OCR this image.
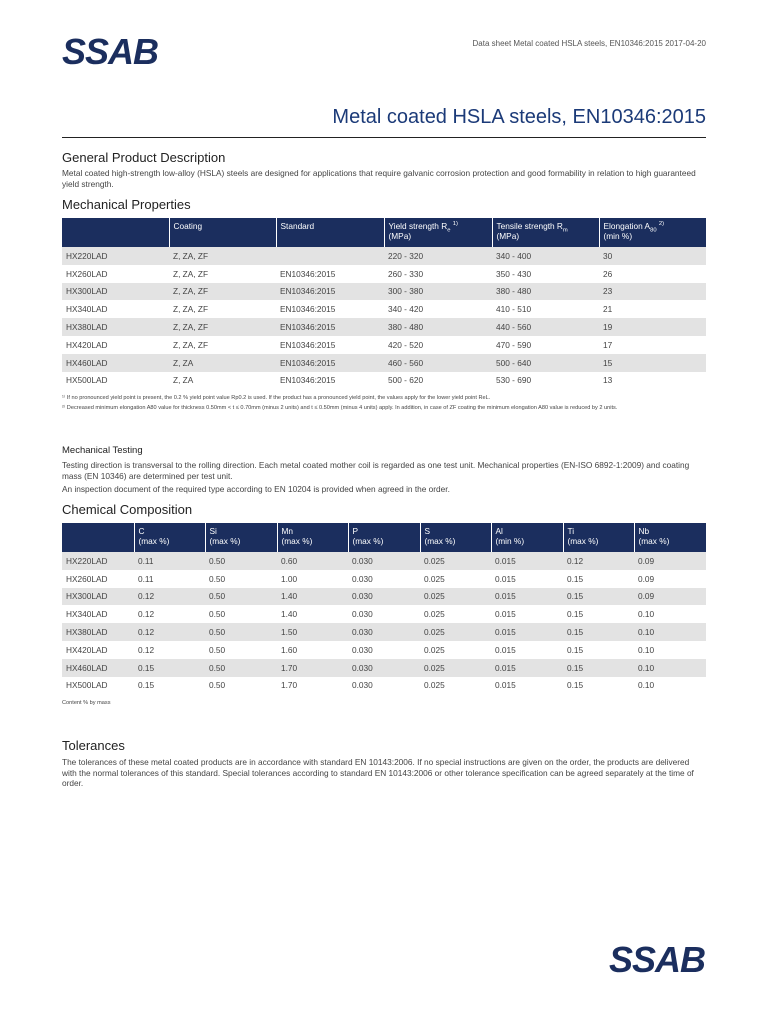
SSAB	Data sheet Metal coated HSLA steels, EN10346:2015 2017-04-20
Metal coated HSLA steels, EN10346:2015
General Product Description

Metal coated high-strength low-alloy (HSLA) steels are designed for applications that require galvanic corrosion protection and good formability in relation to high guaranteed yield strength.

Mechanical Properties
	Coating	Standard	Yield strength $R_e$ $^{1)}$
(MPa)	Tensile strength $R_m$
(MPa)	Elongation $A_{80}$ $^{2)}$
(min %)
HX220LAD	Z, ZA, ZF		220 - 320	340 - 400	30
HX260LAD	Z, ZA, ZF	EN10346:2015	260 - 330	350 - 430	26
HX300LAD	Z, ZA, ZF	EN10346:2015	300 - 380	380 - 480	23
HX340LAD	Z, ZA, ZF	EN10346:2015	340 - 420	410 - 510	21
HX380LAD	Z, ZA, ZF	EN10346:2015	380 - 480	440 - 560	19
HX420LAD	Z, ZA, ZF	EN10346:2015	420 - 520	470 - 590	17
HX460LAD	Z, ZA	EN10346:2015	460 - 560	500 - 640	15
HX500LAD	Z, ZA	EN10346:2015	500 - 620	530 - 690	13

¹⁾ If no pronounced yield point is present, the 0.2 % yield point value Rp0.2 is used. If the product has a pronounced yield point, the values apply for the lower yield point ReL.

²⁾ Decreased minimum elongation A80 value for thickness 0.50mm < t ≤ 0.70mm (minus 2 units) and t ≤ 0.50mm (minus 4 units) apply. In addition, in case of ZF coating the minimum elongation A80 value is reduced by 2 units.

Mechanical Testing

Testing direction is transversal to the rolling direction. Each metal coated mother coil is regarded as one test unit. Mechanical properties (EN-ISO 6892-1:2009) and coating mass (EN 10346) are determined per test unit.

An inspection document of the required type according to EN 10204 is provided when agreed in the order.

Chemical Composition
	C
(max %)	Si
(max %)	Mn
(max %)	P
(max %)	S
(max %)	Al
(min %)	Ti
(max %)	Nb
(max %)
HX220LAD	0.11	0.50	0.60	0.030	0.025	0.015	0.12	0.09
HX260LAD	0.11	0.50	1.00	0.030	0.025	0.015	0.15	0.09
HX300LAD	0.12	0.50	1.40	0.030	0.025	0.015	0.15	0.09
HX340LAD	0.12	0.50	1.40	0.030	0.025	0.015	0.15	0.10
HX380LAD	0.12	0.50	1.50	0.030	0.025	0.015	0.15	0.10
HX420LAD	0.12	0.50	1.60	0.030	0.025	0.015	0.15	0.10
HX460LAD	0.15	0.50	1.70	0.030	0.025	0.015	0.15	0.10
HX500LAD	0.15	0.50	1.70	0.030	0.025	0.015	0.15	0.10

Content % by mass

Tolerances

The tolerances of these metal coated products are in accordance with standard EN 10143:2006. If no special instructions are given on the order, the products are delivered with the normal tolerances of this standard. Special tolerances according to standard EN 10143:2006 or other tolerance specification can be agreed separately at the time of order.

SSAB
